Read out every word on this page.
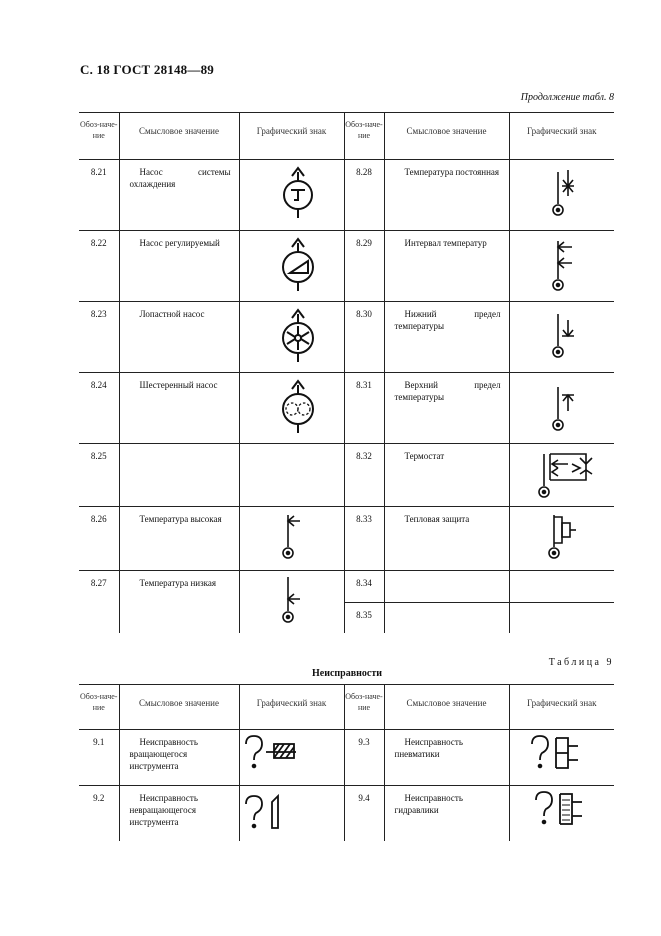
С. 18 ГОСТ 28148—89
Продолжение табл. 8
Обоз-наче-ние	Смысловое значение	Графический знак	Обоз-наче-ние	Смысловое значение	Графический знак
8.21	Насос системы охлаждения		8.28	Температура постоянная	

8.22	Насос регулируемый		8.29	Интервал температур	

8.23	Лопастной насос		8.30	Нижний предел температуры	

8.24	Шестеренный насос		8.31	Верхний предел температуры	

8.25			8.32	Термостат	

8.26	Температура высокая		8.33	Тепловая защита	

8.27	Температура низкая		8.34		
			8.35		
Таблица 9
Неисправности
Обоз-наче-ние	Смысловое значение	Графический знак	Обоз-наче-ние	Смысловое значение	Графический знак
9.1	Неисправность вращающегося инструмента		9.3	Неисправность пневматики	

9.2	Неисправность невращающегося инструмента		9.4	Неисправность гидравлики	
